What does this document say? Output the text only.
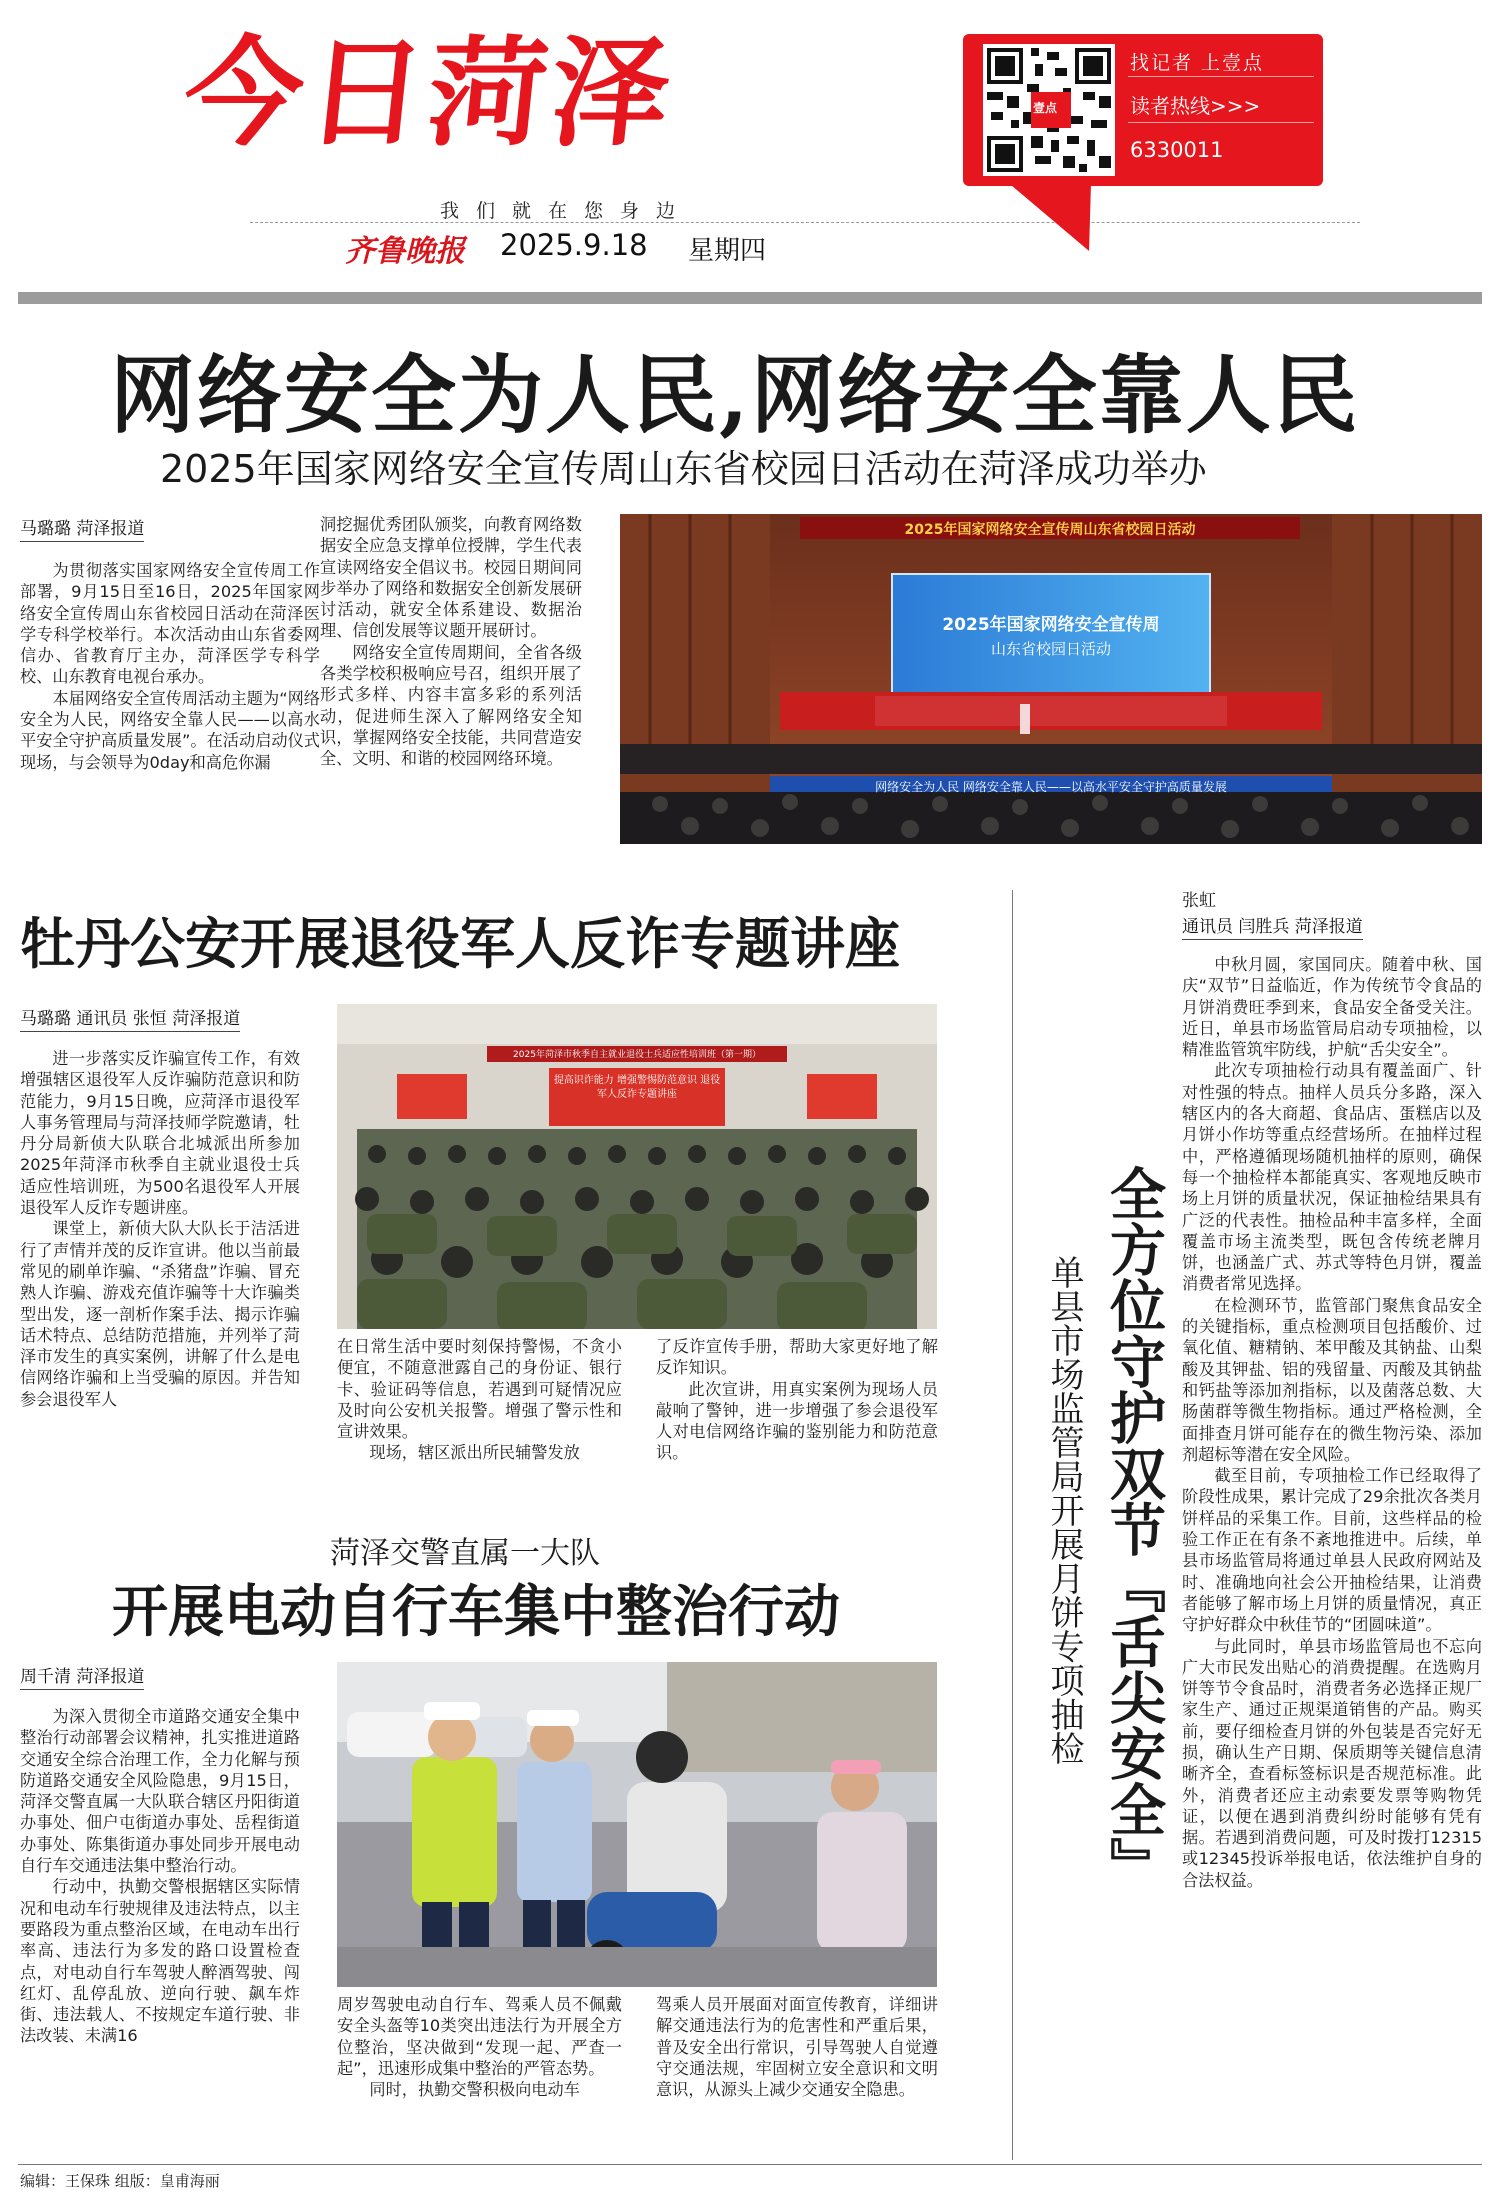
今日菏泽
我们就在您身边
齐鲁晚报 2025.9.18 星期四
壹点
找记者 上壹点
读者热线>>>
6330011
网络安全为人民,网络安全靠人民
2025年国家网络安全宣传周山东省校园日活动在菏泽成功举办
马璐璐 菏泽报道

为贯彻落实国家网络安全宣传周工作部署，9月15日至16日，2025年国家网络安全宣传周山东省校园日活动在菏泽医学专科学校举行。本次活动由山东省委网信办、省教育厅主办，菏泽医学专科学校、山东教育电视台承办。

本届网络安全宣传周活动主题为“网络安全为人民，网络安全靠人民——以高水平安全守护高质量发展”。在活动启动仪式现场，与会领导为0day和高危你漏

洞挖掘优秀团队颁奖，向教育网络数据安全应急支撑单位授牌，学生代表宣读网络安全倡议书。校园日期间同步举办了网络和数据安全创新发展研讨活动，就安全体系建设、数据治理、信创发展等议题开展研讨。

网络安全宣传周期间，全省各级各类学校积极响应号召，组织开展了形式多样、内容丰富多彩的系列活动，促进师生深入了解网络安全知识，掌握网络安全技能，共同营造安全、文明、和谐的校园网络环境。

2025年国家网络安全宣传周山东省校园日活动
2025年国家网络安全宣传周
山东省校园日活动
网络安全为人民 网络安全靠人民——以高水平安全守护高质量发展
牡丹公安开展退役军人反诈专题讲座
马璐璐 通讯员 张恒 菏泽报道

进一步落实反诈骗宣传工作，有效增强辖区退役军人反诈骗防范意识和防范能力，9月15日晚，应菏泽市退役军人事务管理局与菏泽技师学院邀请，牡丹分局新侦大队联合北城派出所参加2025年菏泽市秋季自主就业退役士兵适应性培训班，为500名退役军人开展退役军人反诈专题讲座。

课堂上，新侦大队大队长于洁活进行了声情并茂的反诈宣讲。他以当前最常见的刷单诈骗、“杀猪盘”诈骗、冒充熟人诈骗、游戏充值诈骗等十大诈骗类型出发，逐一剖析作案手法、揭示诈骗话术特点、总结防范措施，并列举了菏泽市发生的真实案例，讲解了什么是电信网络诈骗和上当受骗的原因。并告知参会退役军人

2025年菏泽市秋季自主就业退役士兵适应性培训班（第一期）
提高识诈能力 增强警惕防范意识 退役军人反诈专题讲座

在日常生活中要时刻保持警惕，不贪小便宜，不随意泄露自己的身份证、银行卡、验证码等信息，若遇到可疑情况应及时向公安机关报警。增强了警示性和宣讲效果。

现场，辖区派出所民辅警发放

了反诈宣传手册，帮助大家更好地了解反诈知识。

此次宣讲，用真实案例为现场人员敲响了警钟，进一步增强了参会退役军人对电信网络诈骗的鉴别能力和防范意识。

菏泽交警直属一大队
开展电动自行车集中整治行动
周千清 菏泽报道

为深入贯彻全市道路交通安全集中整治行动部署会议精神，扎实推进道路交通安全综合治理工作，全力化解与预防道路交通安全风险隐患，9月15日，菏泽交警直属一大队联合辖区丹阳街道办事处、佃户屯街道办事处、岳程街道办事处、陈集街道办事处同步开展电动自行车交通违法集中整治行动。

行动中，执勤交警根据辖区实际情况和电动车行驶规律及违法特点，以主要路段为重点整治区域，在电动车出行率高、违法行为多发的路口设置检查点，对电动自行车驾驶人醉酒驾驶、闯红灯、乱停乱放、逆向行驶、飙车炸街、违法载人、不按规定车道行驶、非法改装、未满16

周岁驾驶电动自行车、驾乘人员不佩戴安全头盔等10类突出违法行为开展全方位整治，坚决做到“发现一起、严查一起”，迅速形成集中整治的严管态势。

同时，执勤交警积极向电动车

驾乘人员开展面对面宣传教育，详细讲解交通违法行为的危害性和严重后果，普及安全出行常识，引导驾驶人自觉遵守交通法规，牢固树立安全意识和文明意识，从源头上减少交通安全隐患。

全方位守护双节『舌尖安全』
单县市场监管局开展月饼专项抽检
张虹
通讯员 闫胜兵 菏泽报道

中秋月圆，家国同庆。随着中秋、国庆“双节”日益临近，作为传统节令食品的月饼消费旺季到来，食品安全备受关注。近日，单县市场监管局启动专项抽检，以精准监管筑牢防线，护航“舌尖安全”。

此次专项抽检行动具有覆盖面广、针对性强的特点。抽样人员兵分多路，深入辖区内的各大商超、食品店、蛋糕店以及月饼小作坊等重点经营场所。在抽样过程中，严格遵循现场随机抽样的原则，确保每一个抽检样本都能真实、客观地反映市场上月饼的质量状况，保证抽检结果具有广泛的代表性。抽检品种丰富多样，全面覆盖市场主流类型，既包含传统老牌月饼，也涵盖广式、苏式等特色月饼，覆盖消费者常见选择。

在检测环节，监管部门聚焦食品安全的关键指标，重点检测项目包括酸价、过氧化值、糖精钠、苯甲酸及其钠盐、山梨酸及其钾盐、铝的残留量、丙酸及其钠盐和钙盐等添加剂指标，以及菌落总数、大肠菌群等微生物指标。通过严格检测，全面排查月饼可能存在的微生物污染、添加剂超标等潜在安全风险。

截至目前，专项抽检工作已经取得了阶段性成果，累计完成了29余批次各类月饼样品的采集工作。目前，这些样品的检验工作正在有条不紊地推进中。后续，单县市场监管局将通过单县人民政府网站及时、准确地向社会公开抽检结果，让消费者能够了解市场上月饼的质量情况，真正守护好群众中秋佳节的“团圆味道”。

与此同时，单县市场监管局也不忘向广大市民发出贴心的消费提醒。在选购月饼等节令食品时，消费者务必选择正规厂家生产、通过正规渠道销售的产品。购买前，要仔细检查月饼的外包装是否完好无损，确认生产日期、保质期等关键信息清晰齐全，查看标签标识是否规范标准。此外，消费者还应主动索要发票等购物凭证，以便在遇到消费纠纷时能够有凭有据。若遇到消费问题，可及时拨打12315或12345投诉举报电话，依法维护自身的合法权益。

编辑：王保珠 组版：皇甫海丽
